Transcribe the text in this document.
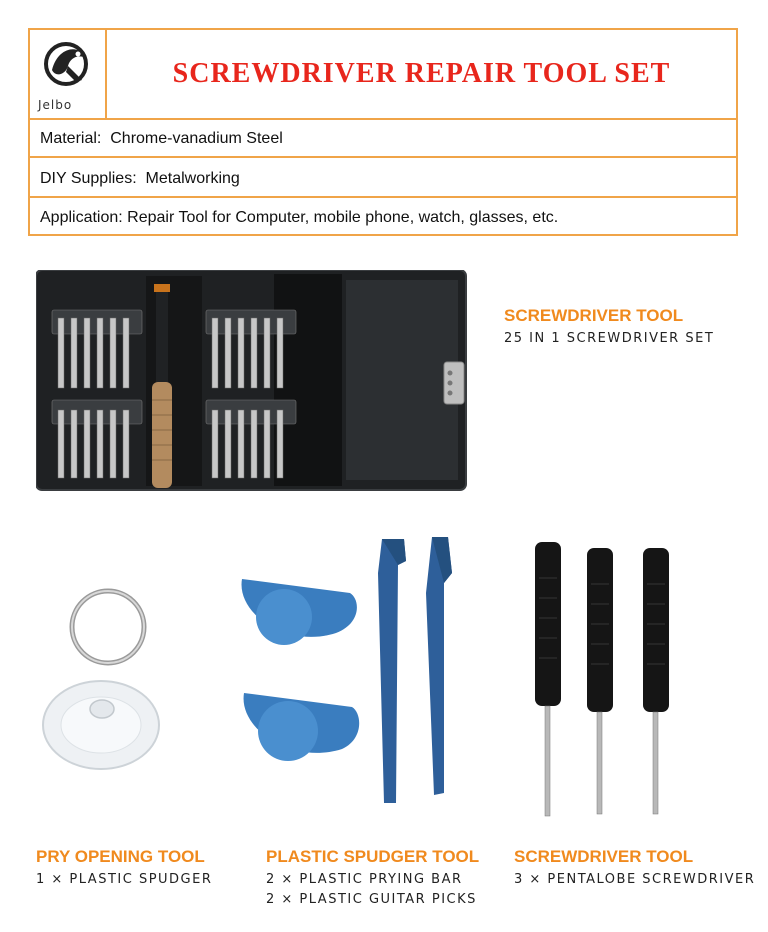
Jelbo
SCREWDRIVER REPAIR TOOL SET
Material: Chrome-vanadium Steel
DIY Supplies: Metalworking
Application: Repair Tool for Computer, mobile phone, watch, glasses, etc.
SCREWDRIVER TOOL
25 IN 1 SCREWDRIVER SET
PRY OPENING TOOL
1 × PLASTIC SPUDGER
PLASTIC SPUDGER TOOL
2 × PLASTIC PRYING BAR
2 × PLASTIC GUITAR PICKS
SCREWDRIVER TOOL
3 × PENTALOBE SCREWDRIVER
